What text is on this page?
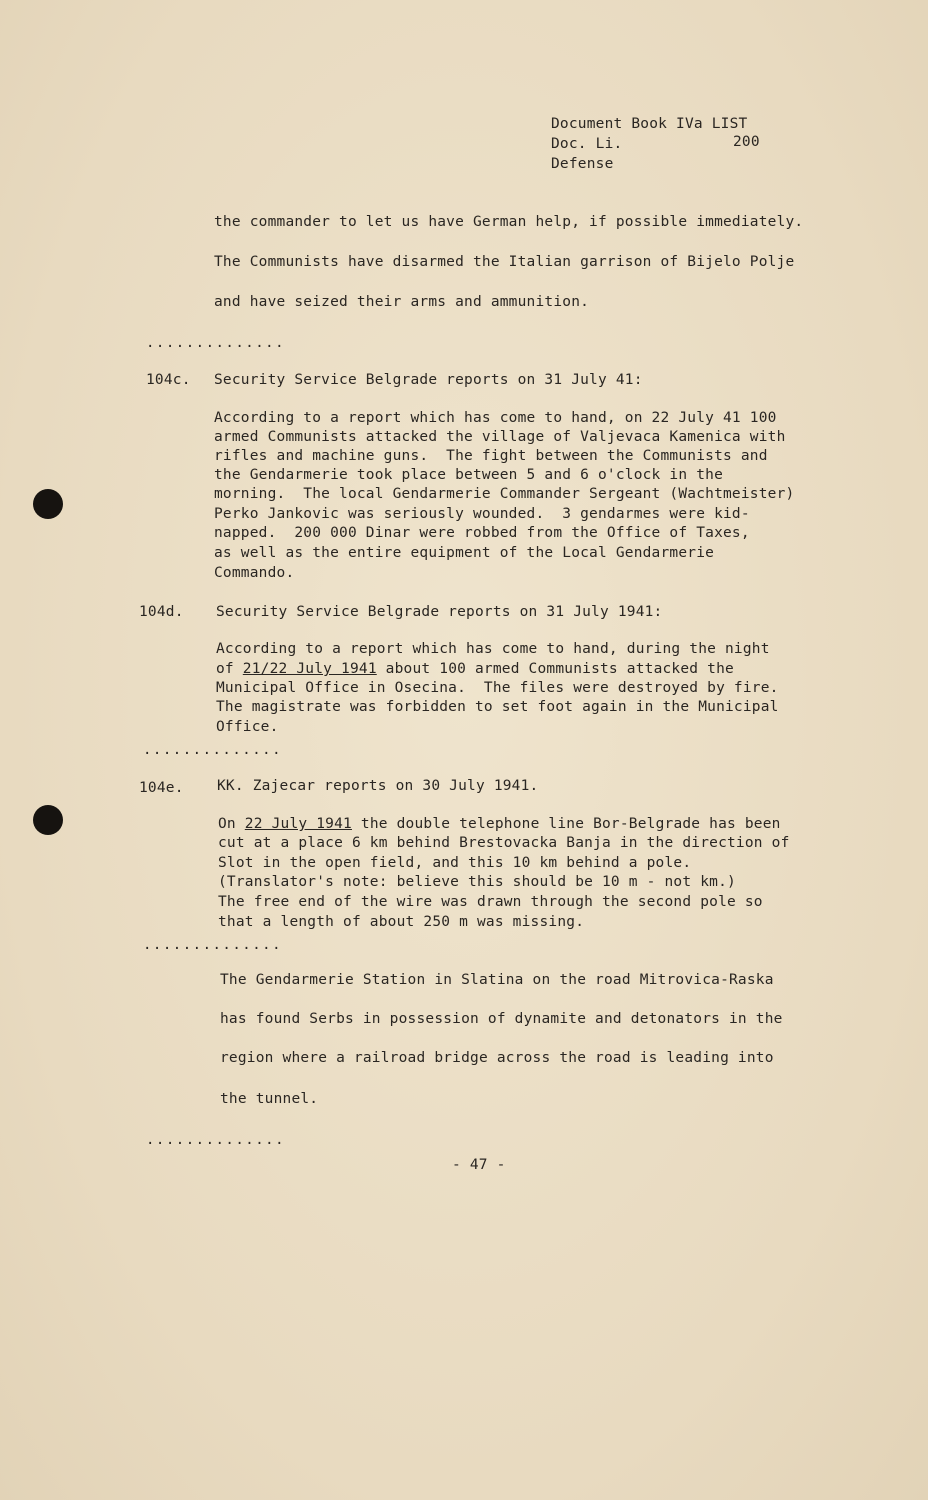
Document Book IVa LIST
Doc. Li.	200
Defense
the commander to let us have German help, if possible immediately.
The Communists have disarmed the Italian garrison of Bijelo Polje
and have seized their arms and ammunition.
..............
104c. Security Service Belgrade reports on 31 July 41:
According to a report which has come to hand, on 22 July 41 100
armed Communists attacked the village of Valjevaca Kamenica with
rifles and machine guns.  The fight between the Communists and
the Gendarmerie took place between 5 and 6 o'clock in the
morning.  The local Gendarmerie Commander Sergeant (Wachtmeister)
Perko Jankovic was seriously wounded.  3 gendarmes were kid-
napped.  200 000 Dinar were robbed from the Office of Taxes,
as well as the entire equipment of the Local Gendarmerie
Commando.
104d. Security Service Belgrade reports on 31 July 1941:
According to a report which has come to hand, during the night
of 21/22 July 1941 about 100 armed Communists attacked the
Municipal Office in Osecina.  The files were destroyed by fire.
The magistrate was forbidden to set foot again in the Municipal
Office.
..............
104e. KK. Zajecar reports on 30 July 1941.
On 22 July 1941 the double telephone line Bor-Belgrade has been
cut at a place 6 km behind Brestovacka Banja in the direction of
Slot in the open field, and this 10 km behind a pole.
(Translator's note: believe this should be 10 m - not km.)
The free end of the wire was drawn through the second pole so
that a length of about 250 m was missing.
..............
The Gendarmerie Station in Slatina on the road Mitrovica-Raska
has found Serbs in possession of dynamite and detonators in the
region where a railroad bridge across the road is leading into
the tunnel.
..............
- 47 -
